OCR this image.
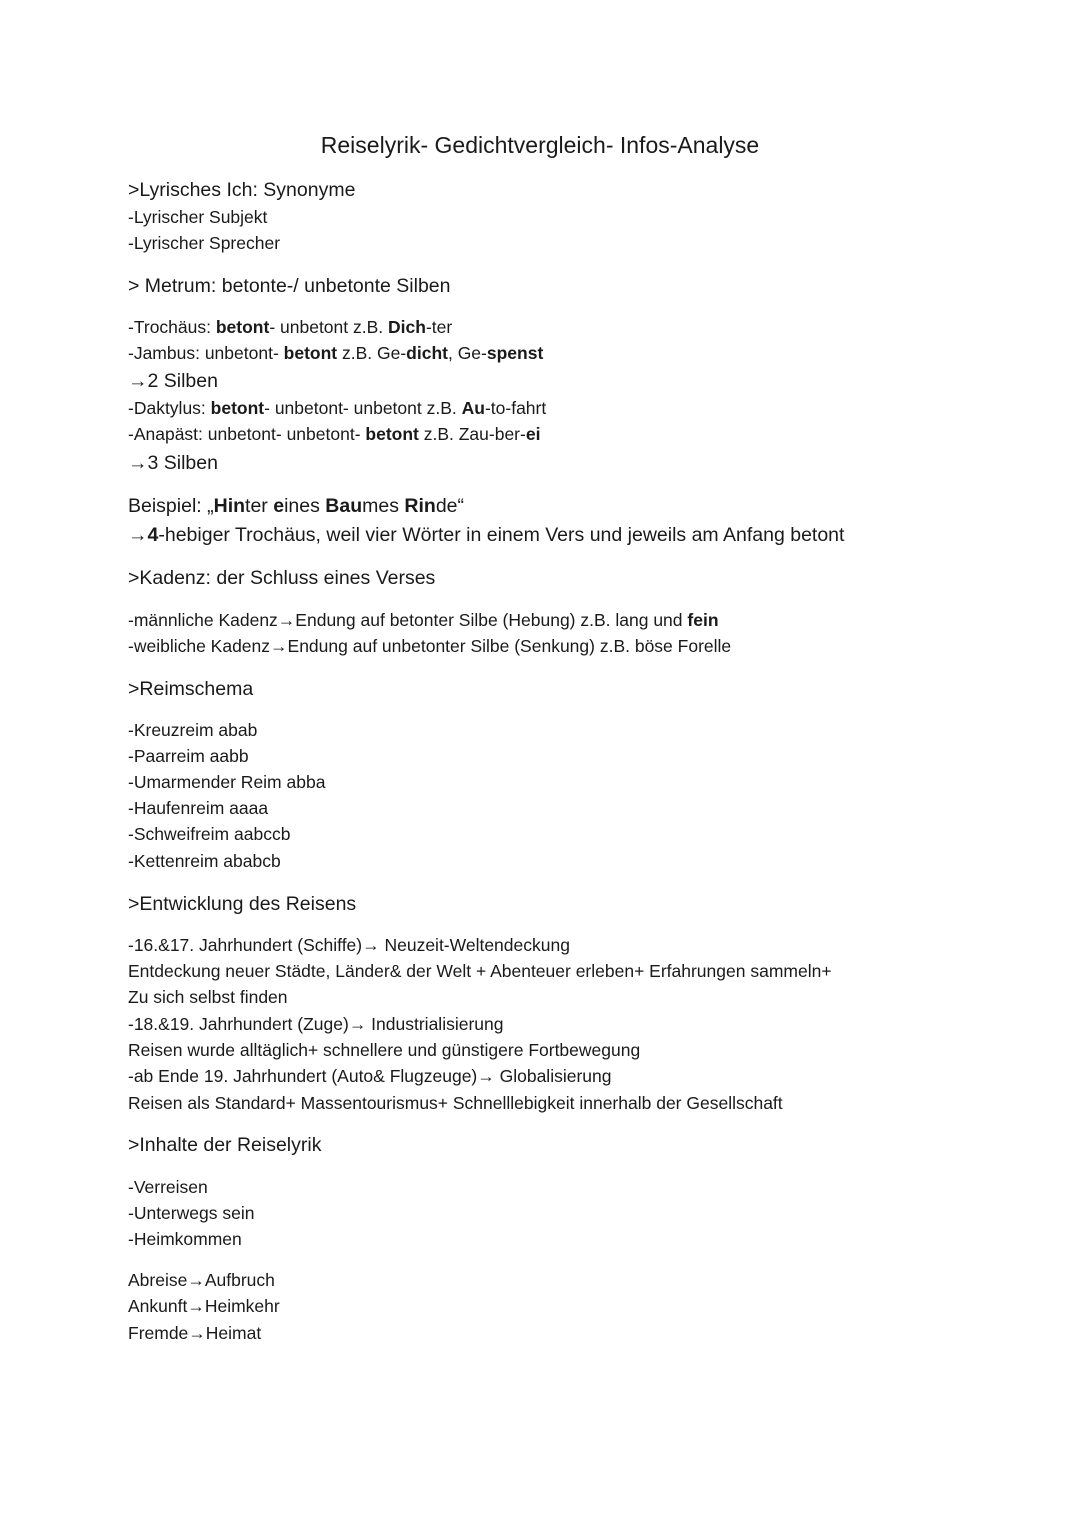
Reiselyrik- Gedichtvergleich- Infos-Analyse
>Lyrisches Ich: Synonyme
-Lyrischer Subjekt
-Lyrischer Sprecher
> Metrum: betonte-/ unbetonte Silben
-Trochäus: betont- unbetont z.B. Dich-ter
-Jambus: unbetont- betont z.B. Ge-dicht, Ge-spenst
→2 Silben
-Daktylus: betont- unbetont- unbetont z.B. Au-to-fahrt
-Anapäst: unbetont- unbetont- betont z.B. Zau-ber-ei
→3 Silben
Beispiel: „Hinter eines Baumes Rinde“
→4-hebiger Trochäus, weil vier Wörter in einem Vers und jeweils am Anfang betont
>Kadenz: der Schluss eines Verses
-männliche Kadenz→Endung auf betonter Silbe (Hebung) z.B. lang und fein
-weibliche Kadenz→Endung auf unbetonter Silbe (Senkung) z.B. böse Forelle
>Reimschema
-Kreuzreim abab
-Paarreim aabb
-Umarmender Reim abba
-Haufenreim aaaa
-Schweifreim aabccb
-Kettenreim ababcb
>Entwicklung des Reisens
-16.&17. Jahrhundert (Schiffe)→ Neuzeit-Weltendeckung
Entdeckung neuer Städte, Länder& der Welt + Abenteuer erleben+ Erfahrungen sammeln+
Zu sich selbst finden
-18.&19. Jahrhundert (Zuge)→ Industrialisierung
Reisen wurde alltäglich+ schnellere und günstigere Fortbewegung
-ab Ende 19. Jahrhundert (Auto& Flugzeuge)→ Globalisierung
Reisen als Standard+ Massentourismus+ Schnelllebigkeit innerhalb der Gesellschaft
>Inhalte der Reiselyrik
-Verreisen
-Unterwegs sein
-Heimkommen
Abreise→Aufbruch
Ankunft→Heimkehr
Fremde→Heimat
